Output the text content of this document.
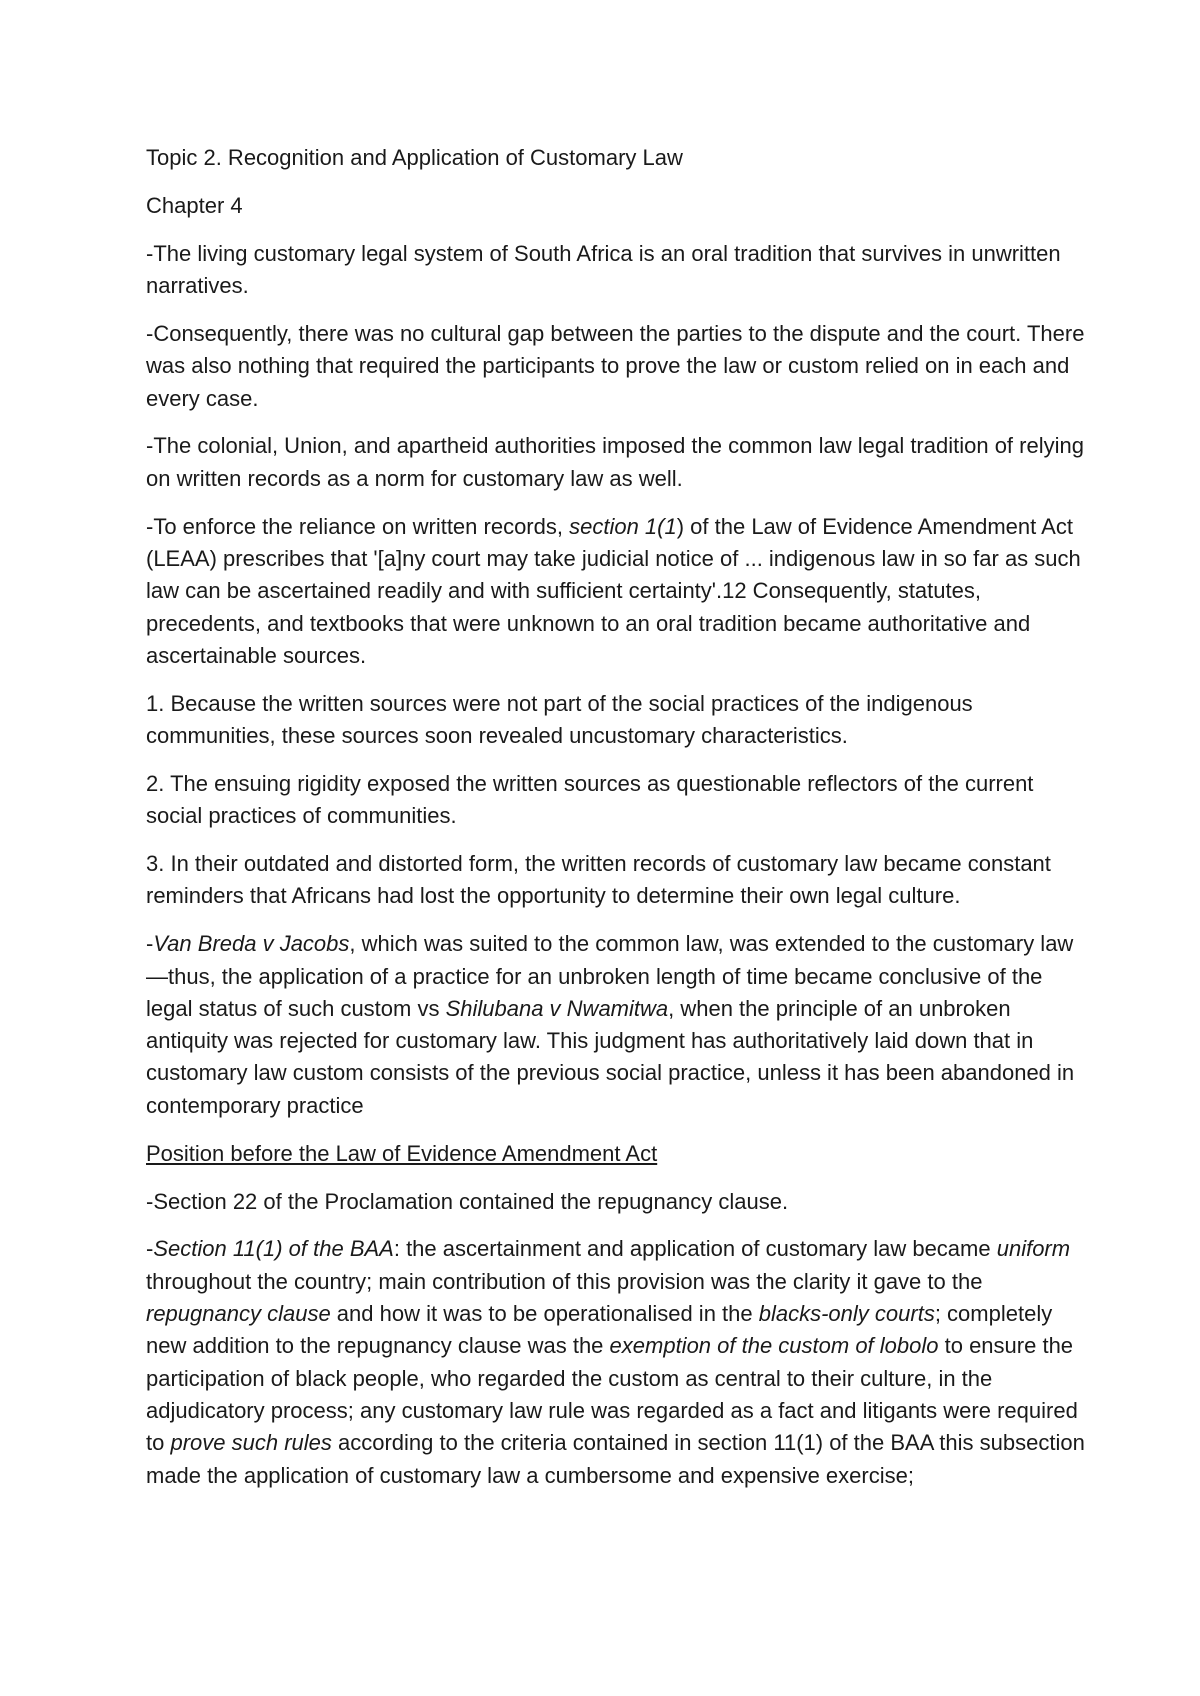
Topic 2. Recognition and Application of Customary Law

Chapter 4

-The living customary legal system of South Africa is an oral tradition that survives in unwritten narratives.

-Consequently, there was no cultural gap between the parties to the dispute and the court. There was also nothing that required the participants to prove the law or custom relied on in each and every case.

-The colonial, Union, and apartheid authorities imposed the common law legal tradition of relying on written records as a norm for customary law as well.

-To enforce the reliance on written records, section 1(1) of the Law of Evidence Amendment Act (LEAA) prescribes that '[a]ny court may take judicial notice of ... indigenous law in so far as such law can be ascertained readily and with sufficient certainty'.12 Consequently, statutes, precedents, and textbooks that were unknown to an oral tradition became authoritative and ascertainable sources.

1. Because the written sources were not part of the social practices of the indigenous communities, these sources soon revealed uncustomary characteristics.

2. The ensuing rigidity exposed the written sources as questionable reflectors of the current social practices of communities.

3. In their outdated and distorted form, the written records of customary law became constant reminders that Africans had lost the opportunity to determine their own legal culture.

-Van Breda v Jacobs, which was suited to the common law, was extended to the customary law—thus, the application of a practice for an unbroken length of time became conclusive of the legal status of such custom vs Shilubana v Nwamitwa, when the principle of an unbroken antiquity was rejected for customary law. This judgment has authoritatively laid down that in customary law custom consists of the previous social practice, unless it has been abandoned in contemporary practice

Position before the Law of Evidence Amendment Act

-Section 22 of the Proclamation contained the repugnancy clause.

-Section 11(1) of the BAA: the ascertainment and application of customary law became uniform throughout the country; main contribution of this provision was the clarity it gave to the repugnancy clause and how it was to be operationalised in the blacks-only courts; completely new addition to the repugnancy clause was the exemption of the custom of lobolo to ensure the participation of black people, who regarded the custom as central to their culture, in the adjudicatory process; any customary law rule was regarded as a fact and litigants were required to prove such rules according to the criteria contained in section 11(1) of the BAA this subsection made the application of customary law a cumbersome and expensive exercise;
